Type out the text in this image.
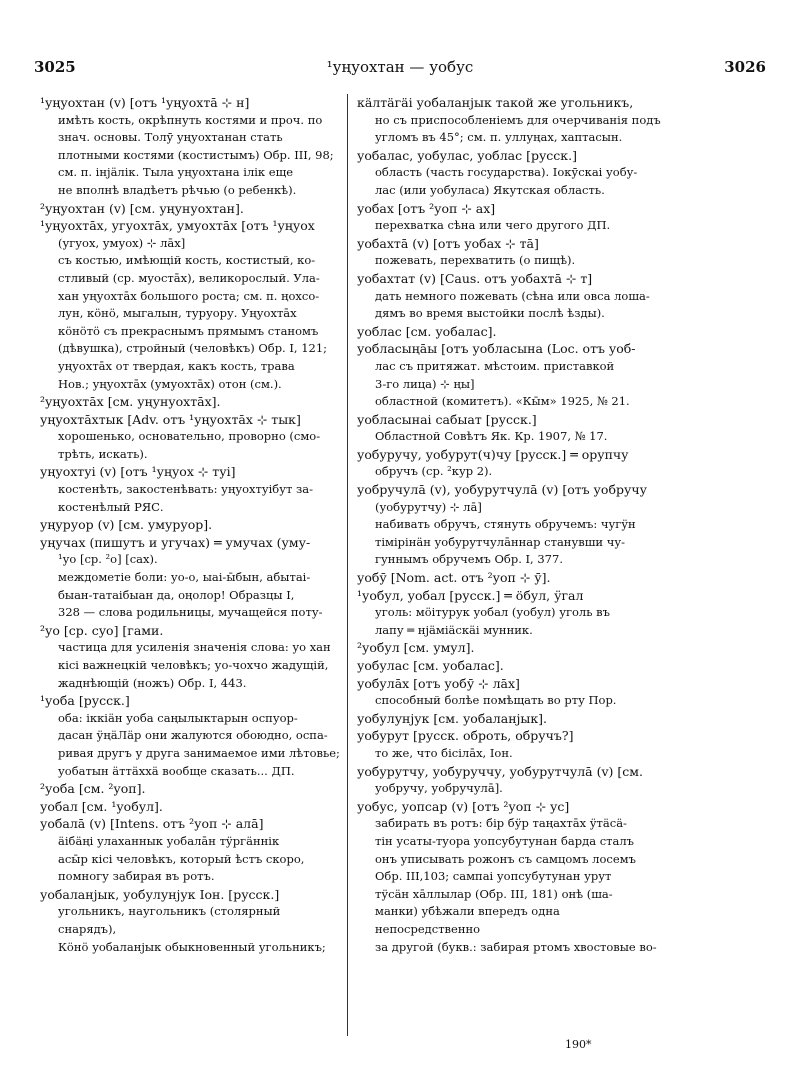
3025	¹уңуохтан — уобус	3026
¹уңуохтан (v) [отъ ¹уңуохтā ⊹ н]
имѣть кость, окрѣпнуть костями и проч. по
знач. основы. Толӯ уңуохтанан стать плотными костями (костистымъ) Обр. III, 98;
см. п. інјäлік. Тыла уңуохтана ілік еще
не вполнѣ владѣетъ рѣчью (о ребенкѣ).
²уңуохтан (v) [см. уңунуохтан].
¹уңуохтāх, угуохтāх, умуохтāх [отъ ¹уңуох
(угуох, умуох) ⊹ лāх]
съ костью, имѣющій кость, костистый, ко-
стливый (ср. муостāх), великорослый. Ула-
хан уңуохтāх большого роста; см. п. ңохсо-
лун, кöнö, мыгалын, туруору. Уңуохтāх
кöнöтö съ прекраснымъ прямымъ станомъ
(дѣвушка), стройный (человѣкъ) Обр. I, 121;
уңуохтāх от твердая, какъ кость, трава
Нов.; уңуохтāх (умуохтāх) отон (см.).
²уңуохтāх [см. уңунуохтāх].
уңуохтāхтык [Adv. отъ ¹уңуохтāх ⊹ тык]
хорошенько, основательно, проворно (смо-
трѣть, искать).
уңуохтуі (v) [отъ ¹уңуох ⊹ туі]
костенѣть, закостенѣвать: уңуохтуібут за-
костенѣлый РЯС.
уңуруор (v) [см. умуруор].
уңучах (пишутъ и угучах) ═ умучах (уму-
¹уо [ср. ²о] [сах).
междометіе боли: уо-о, ыаі-ы̄бын, абытаі-
быан-татаібыан да, оңолор! Образцы I,
328 — слова родильницы, мучащейся поту-
²уо [ср. суо] [гами.
частица для усиленія значенія слова: уо хан
кісі важнецкій человѣкъ; уо-чохчо жадущій,
жаднѣющій (ножъ) Обр. I, 443.
¹уоба [русск.]
оба: іккіäн уоба саңылыктарын оспуор-
дасан ӱңäЛäр они жалуются обоюдно, оспа-
ривая другъ у друга занимаемое ими лѣтовье;
уобатын äттäххä вообще сказать... ДП.
²уоба [см. ²уоп].
уобал [см. ¹уобул].
уобалā (v) [Intens. отъ ²уоп ⊹ алā]
äібäңі улаханнык уобалāн тӱргäннік
асы̄р кісі человѣкъ, который ѣстъ скоро,
помногу забирая въ ротъ.
уобаланјык, уобулунјук Іон. [русск.]
угольникъ, наугольникъ (столярный снарядъ),
Кöнö уобаланјык обыкновенный угольникъ;
кäлтäгäі уобаланјык такой же угольникъ,
но съ приспособленіемъ для очерчиванія подъ
угломъ въ 45°; см. п. уллуңах, хаптасын.
уобалас, уобулас, уоблас [русск.]
область (часть государства). Іокӯскаі уобу-
лас (или уобуласа) Якутская область.
уобах [отъ ²уоп ⊹ ах]
перехватка сѣна или чего другого ДП.
уобахтā (v) [отъ уобах ⊹ тā]
пожевать, перехватить (о пищѣ).
уобахтат (v) [Caus. отъ уобахтā ⊹ т]
дать немного пожевать (сѣна или овса лоша-
дямъ во время выстойки послѣ ѣзды).
уоблас [см. уобалас].
уобласыңāы [отъ уобласына (Loc. отъ уоб-
лас съ притяжат. мѣстоим. приставкой
3-го лица) ⊹ ңы]
областной (комитетъ). «Кы̄м» 1925, № 21.
уобласынаі сабыат [русск.]
Областной Совѣтъ Як. Кр. 1907, № 17.
уобуручу, уобурут(ч)чу [русск.] ═ орупчу
обручъ (ср. ²кур 2).
уобручулā (v), уобурутчулā (v) [отъ уобручу
(уобурутчу) ⊹ лā]
набивать обручъ, стянуть обручемъ: чугӱн
тімірінäн уобурутчулāннар станувши чу-
гуннымъ обручемъ Обр. I, 377.
уобӯ [Nom. act. отъ ²уоп ⊹ ӯ].
¹уобул, уобал [русск.] ═ öбул, ӱгал
уголь: мöітурук уобал (уобул) уголь въ
лапу ═ нјäміäскäі мунник.
²уобул [см. умул].
уобулас [см. уобалас].
уобулāх [отъ уобӯ ⊹ лāх]
способный болѣе помѣщать во рту Пор.
уобулунјук [см. уобаланјык].
уобурут [русск. оброть, обручъ?]
то же, что бісілāх, Іон.
уобурутчу, уобуруччу, уобурутчулā (v) [см.
уобручу, уобручулā].
уобус, уопсар (v) [отъ ²уоп ⊹ ус]
забирать въ ротъ: бір бӱр таңахтāх ӱтäсä-
тін усаты-туора уопсубутунан барда сталъ
онъ уписывать рожонъ съ самцомъ лосемъ
Обр. III,103; сампаі уопсубутунан урут
тӱсäн хāллылар (Обр. III, 181) онѣ (ша-
манки) убѣжали впередъ одна непосредственно
за другой (букв.: забирая ртомъ хвостовые во-
190*
